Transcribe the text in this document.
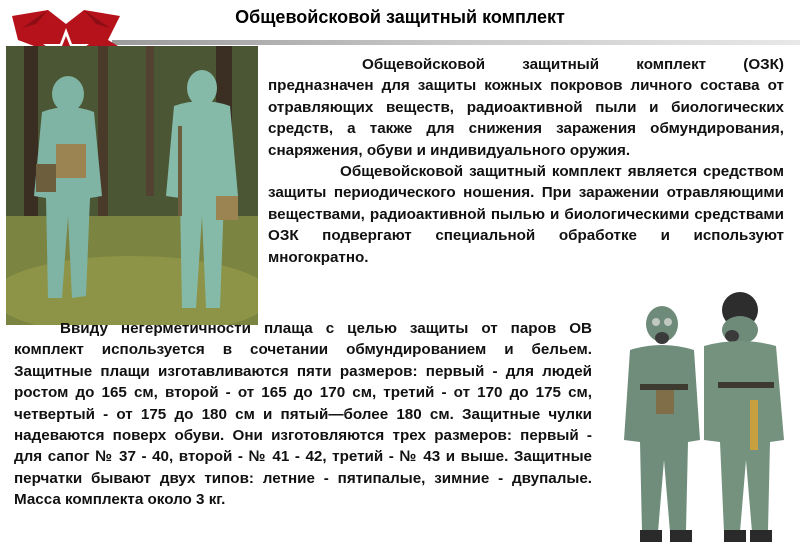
Общевойсковой защитный комплект

Общевойсковой защитный комплект (ОЗК) предназначен для защиты кожных покровов личного состава от отравляющих веществ, радиоактивной пыли и биологических средств, а также для снижения заражения обмундирования, снаряжения, обуви и индивидуального оружия.

Общевойсковой защитный комплект является средством защиты периодического ношения. При заражении отравляющими веществами, радиоактивной пылью и биологическими средствами ОЗК подвергают специальной обработке и используют многократно.

Ввиду негерметичности плаща с целью защиты от паров ОВ комплект используется в сочетании обмундированием и бельем. Защитные плащи изготавливаются пяти размеров: первый - для людей ростом до 165 см, второй - от 165 до 170 см, третий - от 170 до 175 см, четвертый - от 175 до 180 см и пятый—более 180 см. Защитные чулки надеваются поверх обуви. Они изготовляются трех размеров: первый - для сапог № 37 - 40, второй - № 41 - 42, третий - № 43 и выше. Защитные перчатки бывают двух типов: летние - пятипалые, зимние - двупалые. Масса комплекта около 3 кг.
